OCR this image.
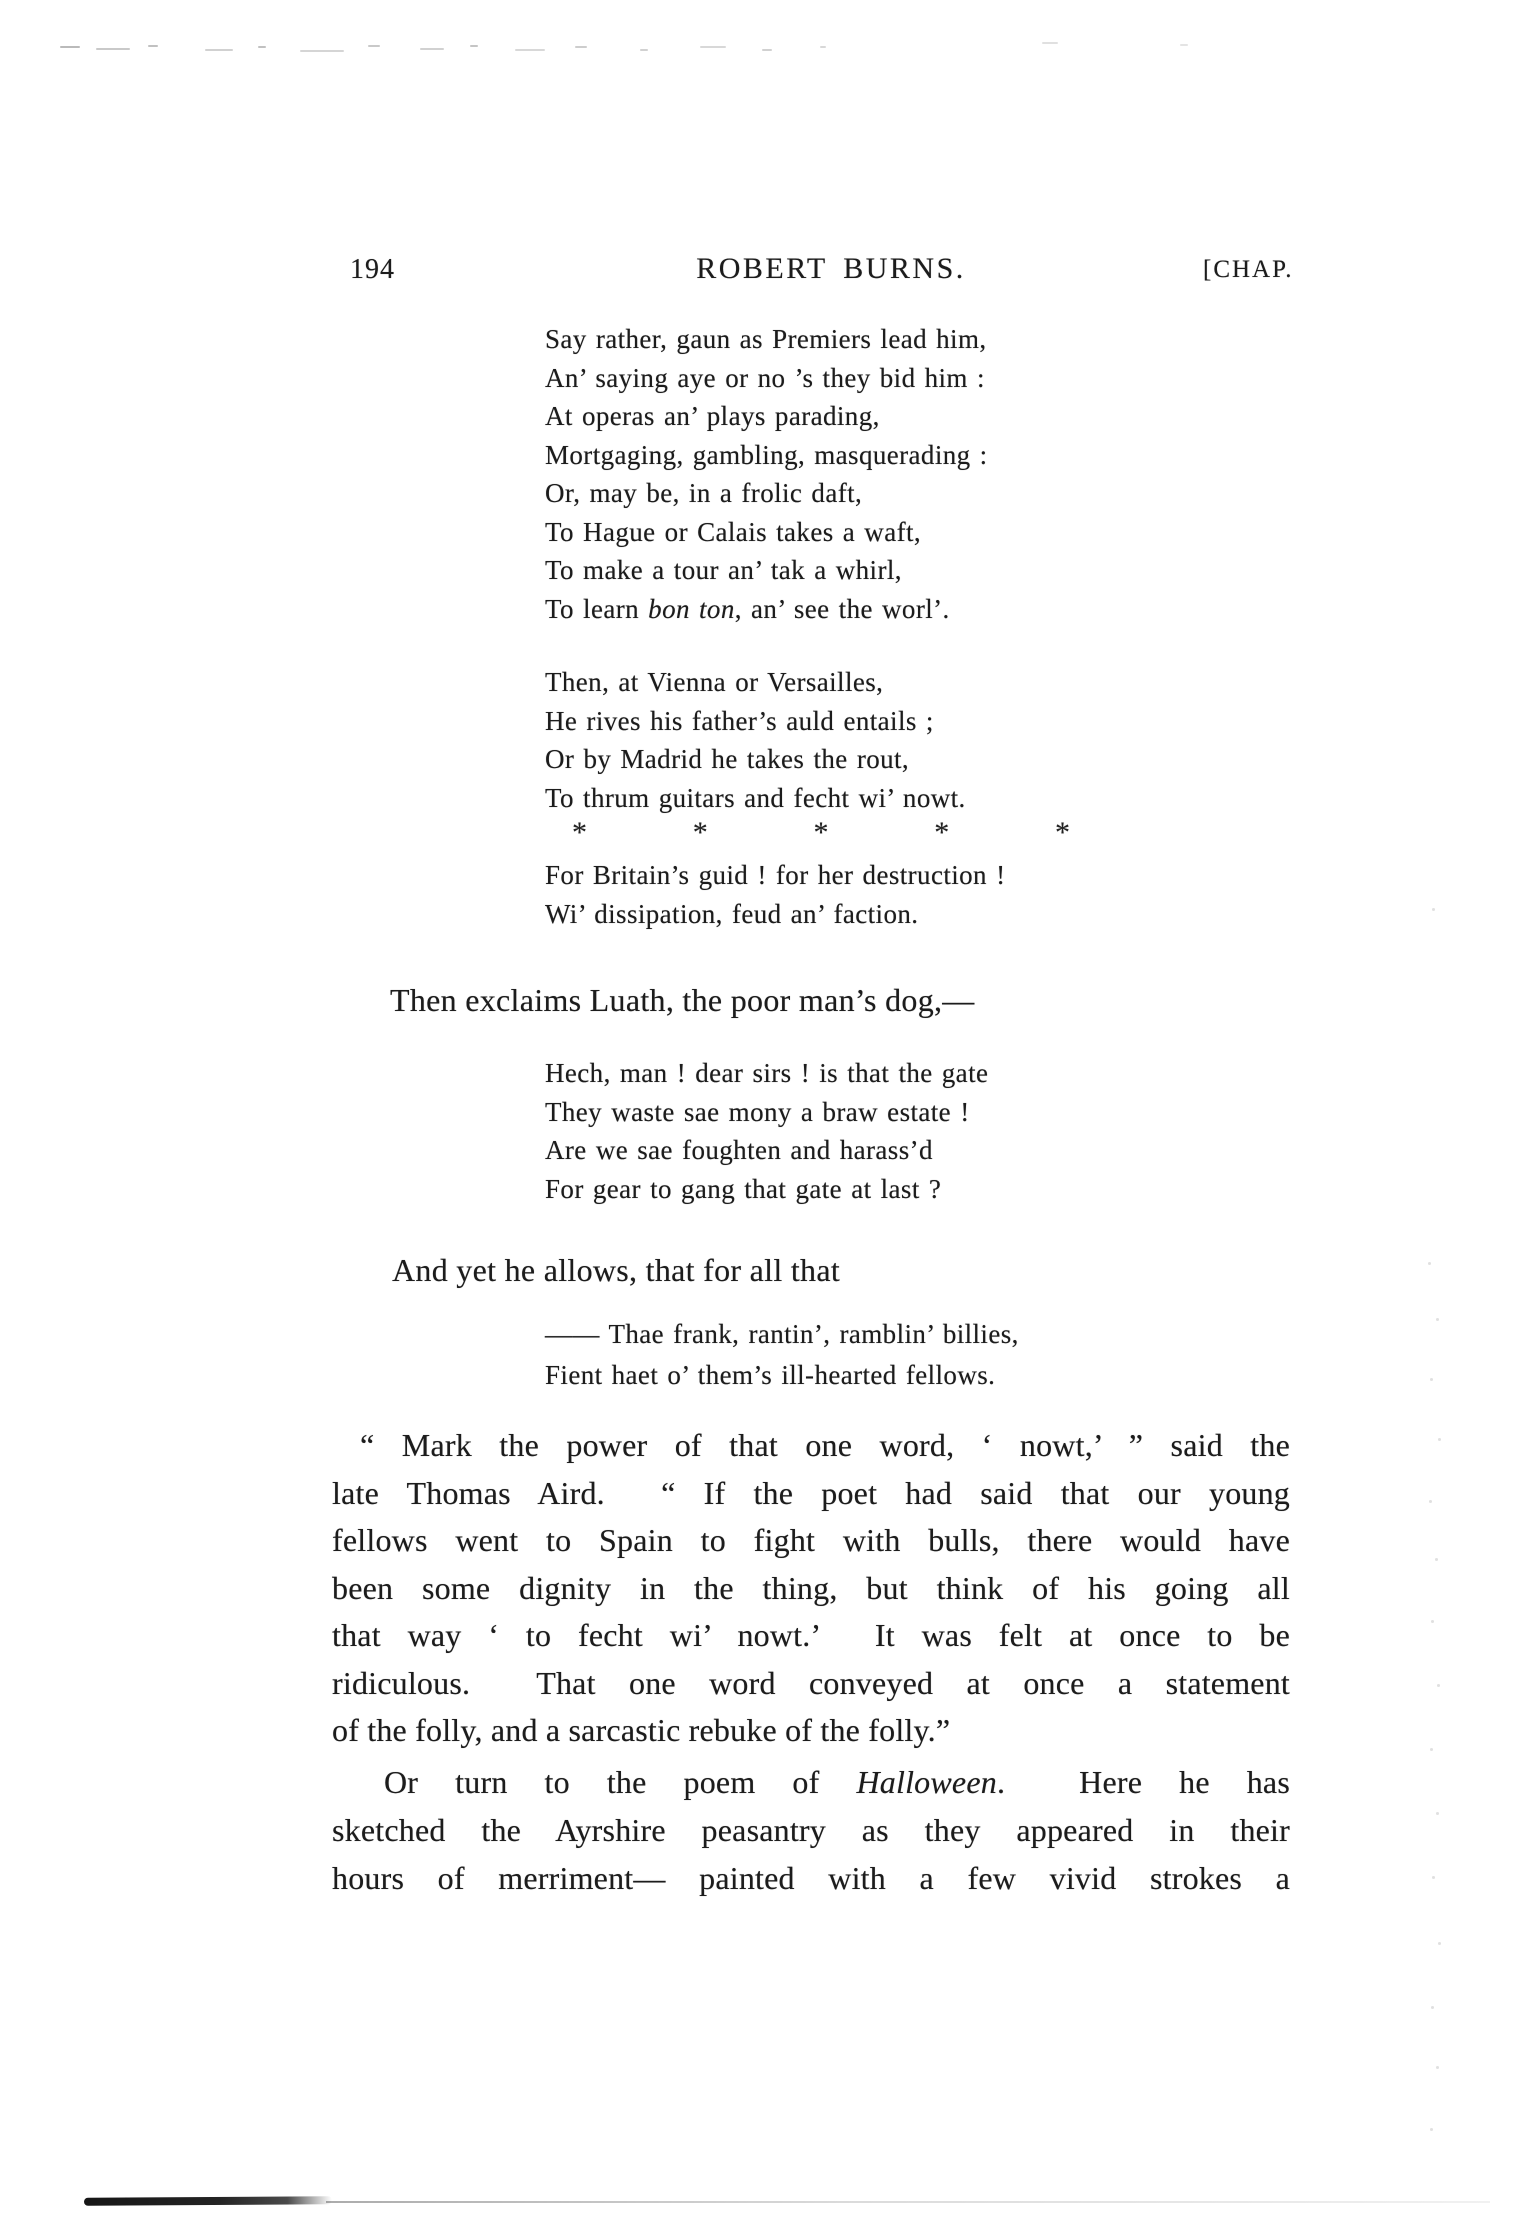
194	ROBERT BURNS.	[CHAP.
Say rather, gaun as Premiers lead him,
An’ saying aye or no ’s they bid him :
At operas an’ plays parading,
Mortgaging, gambling, masquerading :
Or, may be, in a frolic daft,
To Hague or Calais takes a waft,
To make a tour an’ tak a whirl,
To learn bon ton, an’ see the worl’.
Then, at Vienna or Versailles,
He rives his father’s auld entails ;
Or by Madrid he takes the rout,
To thrum guitars and fecht wi’ nowt.
*	*	*	*	*
For Britain’s guid ! for her destruction !
Wi’ dissipation, feud an’ faction.
Then exclaims Luath, the poor man’s dog,—
Hech, man ! dear sirs ! is that the gate
They waste sae mony a braw estate !
Are we sae foughten and harass’d
For gear to gang that gate at last ?
And yet he allows, that for all that
—— Thae frank, rantin’, ramblin’ billies,
Fient haet o’ them’s ill-hearted fellows.
“ Mark the power of that one word, ‘ nowt,’ ” said the
late Thomas Aird.  “ If the poet had said that our young
fellows went to Spain to fight with bulls, there would have
been some dignity in the thing, but think of his going all
that way ‘ to fecht wi’ nowt.’  It was felt at once to be
ridiculous.  That one word conveyed at once a statement
of the folly, and a sarcastic rebuke of the folly.”
Or turn to the poem of Halloween.  Here he has
sketched the Ayrshire peasantry as they appeared in their
hours of merriment— painted with a few vivid strokes a
